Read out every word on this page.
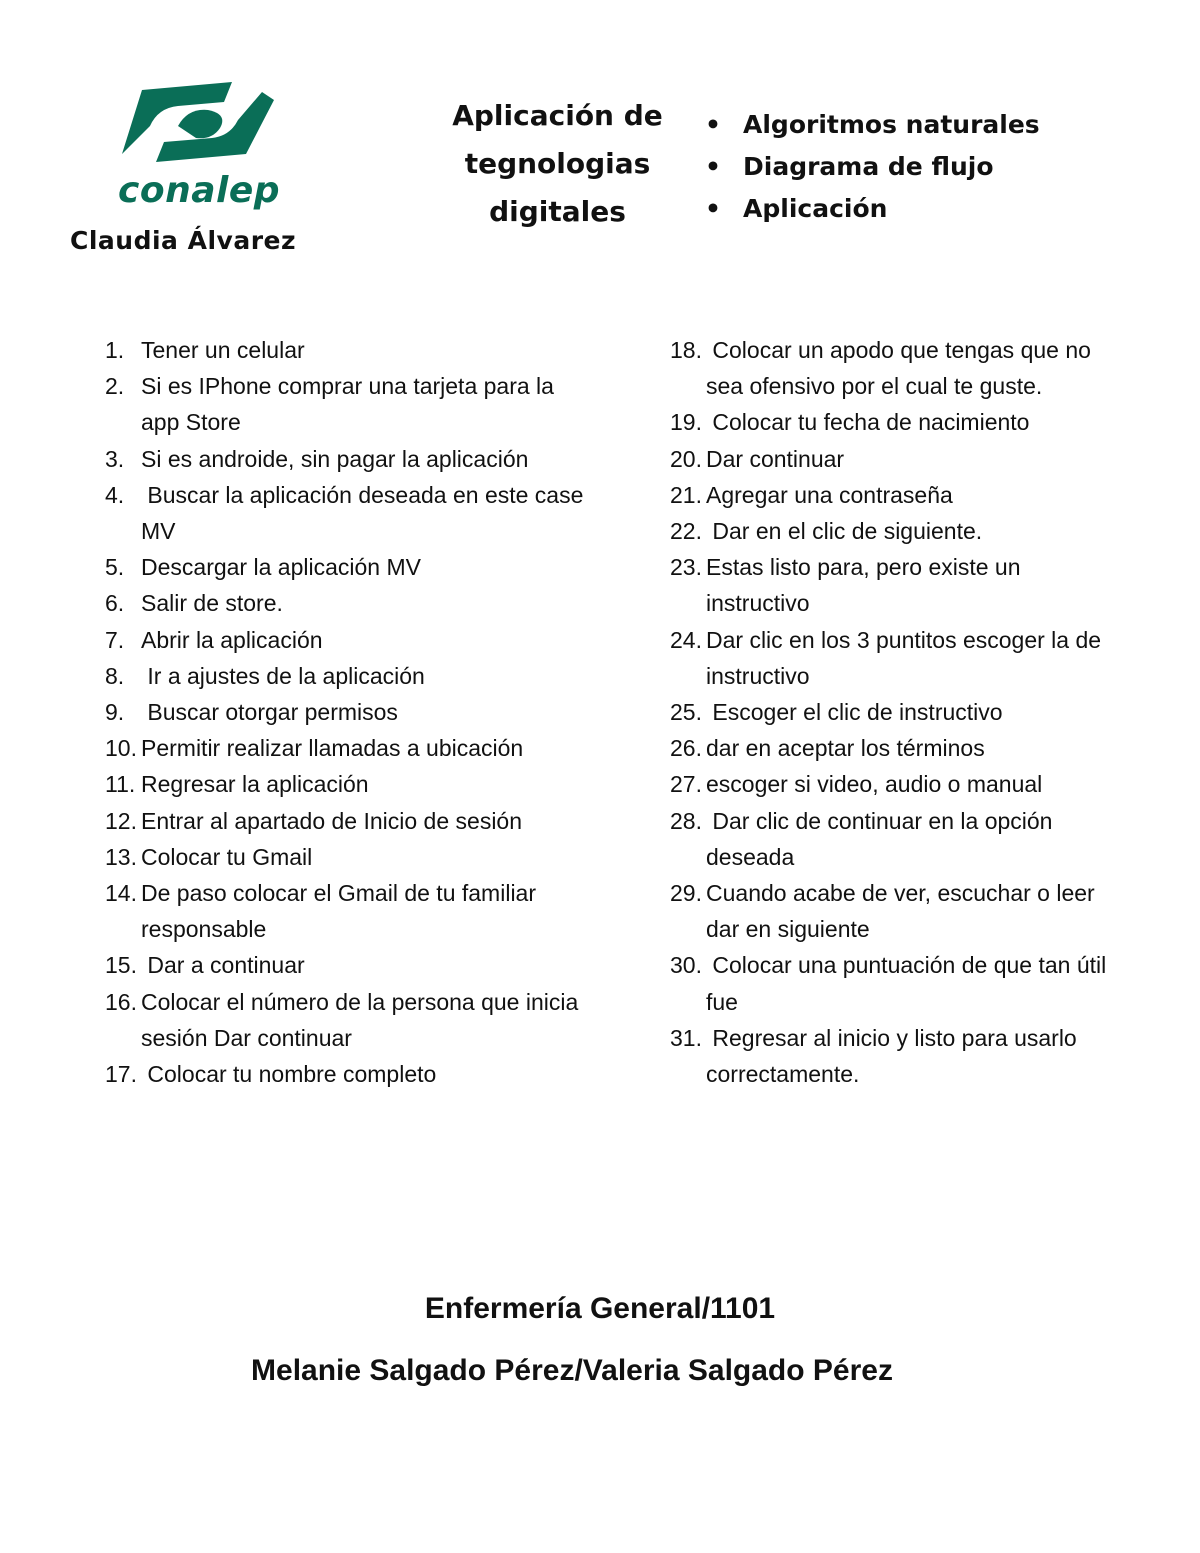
conalep
Claudia Álvarez
Aplicación de
tegnologias
digitales
• Algoritmos naturales
• Diagrama de flujo
• Aplicación
1. Tener un celular
2. Si es IPhone comprar una tarjeta para la app Store
3. Si es androide, sin pagar la aplicación
4. Buscar la aplicación deseada en este case MV
5. Descargar la aplicación MV
6. Salir de store.
7. Abrir la aplicación
8. Ir a ajustes de la aplicación
9. Buscar otorgar permisos
10. Permitir realizar llamadas a ubicación
11. Regresar la aplicación
12. Entrar al apartado de Inicio de sesión
13. Colocar tu Gmail
14. De paso colocar el Gmail de tu familiar responsable
15. Dar a continuar
16. Colocar el número de la persona que inicia sesión Dar continuar
17. Colocar tu nombre completo
18. Colocar un apodo que tengas que no sea ofensivo por el cual te guste.
19. Colocar tu fecha de nacimiento
20. Dar continuar
21. Agregar una contraseña
22. Dar en el clic de siguiente.
23. Estas listo para, pero existe un instructivo
24. Dar clic en los 3 puntitos escoger la de instructivo
25. Escoger el clic de instructivo
26. dar en aceptar los términos
27. escoger si video, audio o manual
28. Dar clic de continuar en la opción deseada
29. Cuando acabe de ver, escuchar o leer dar en siguiente
30. Colocar una puntuación de que tan útil fue
31. Regresar al inicio y listo para usarlo correctamente.
Enfermería General/1101
Melanie Salgado Pérez/Valeria Salgado Pérez
